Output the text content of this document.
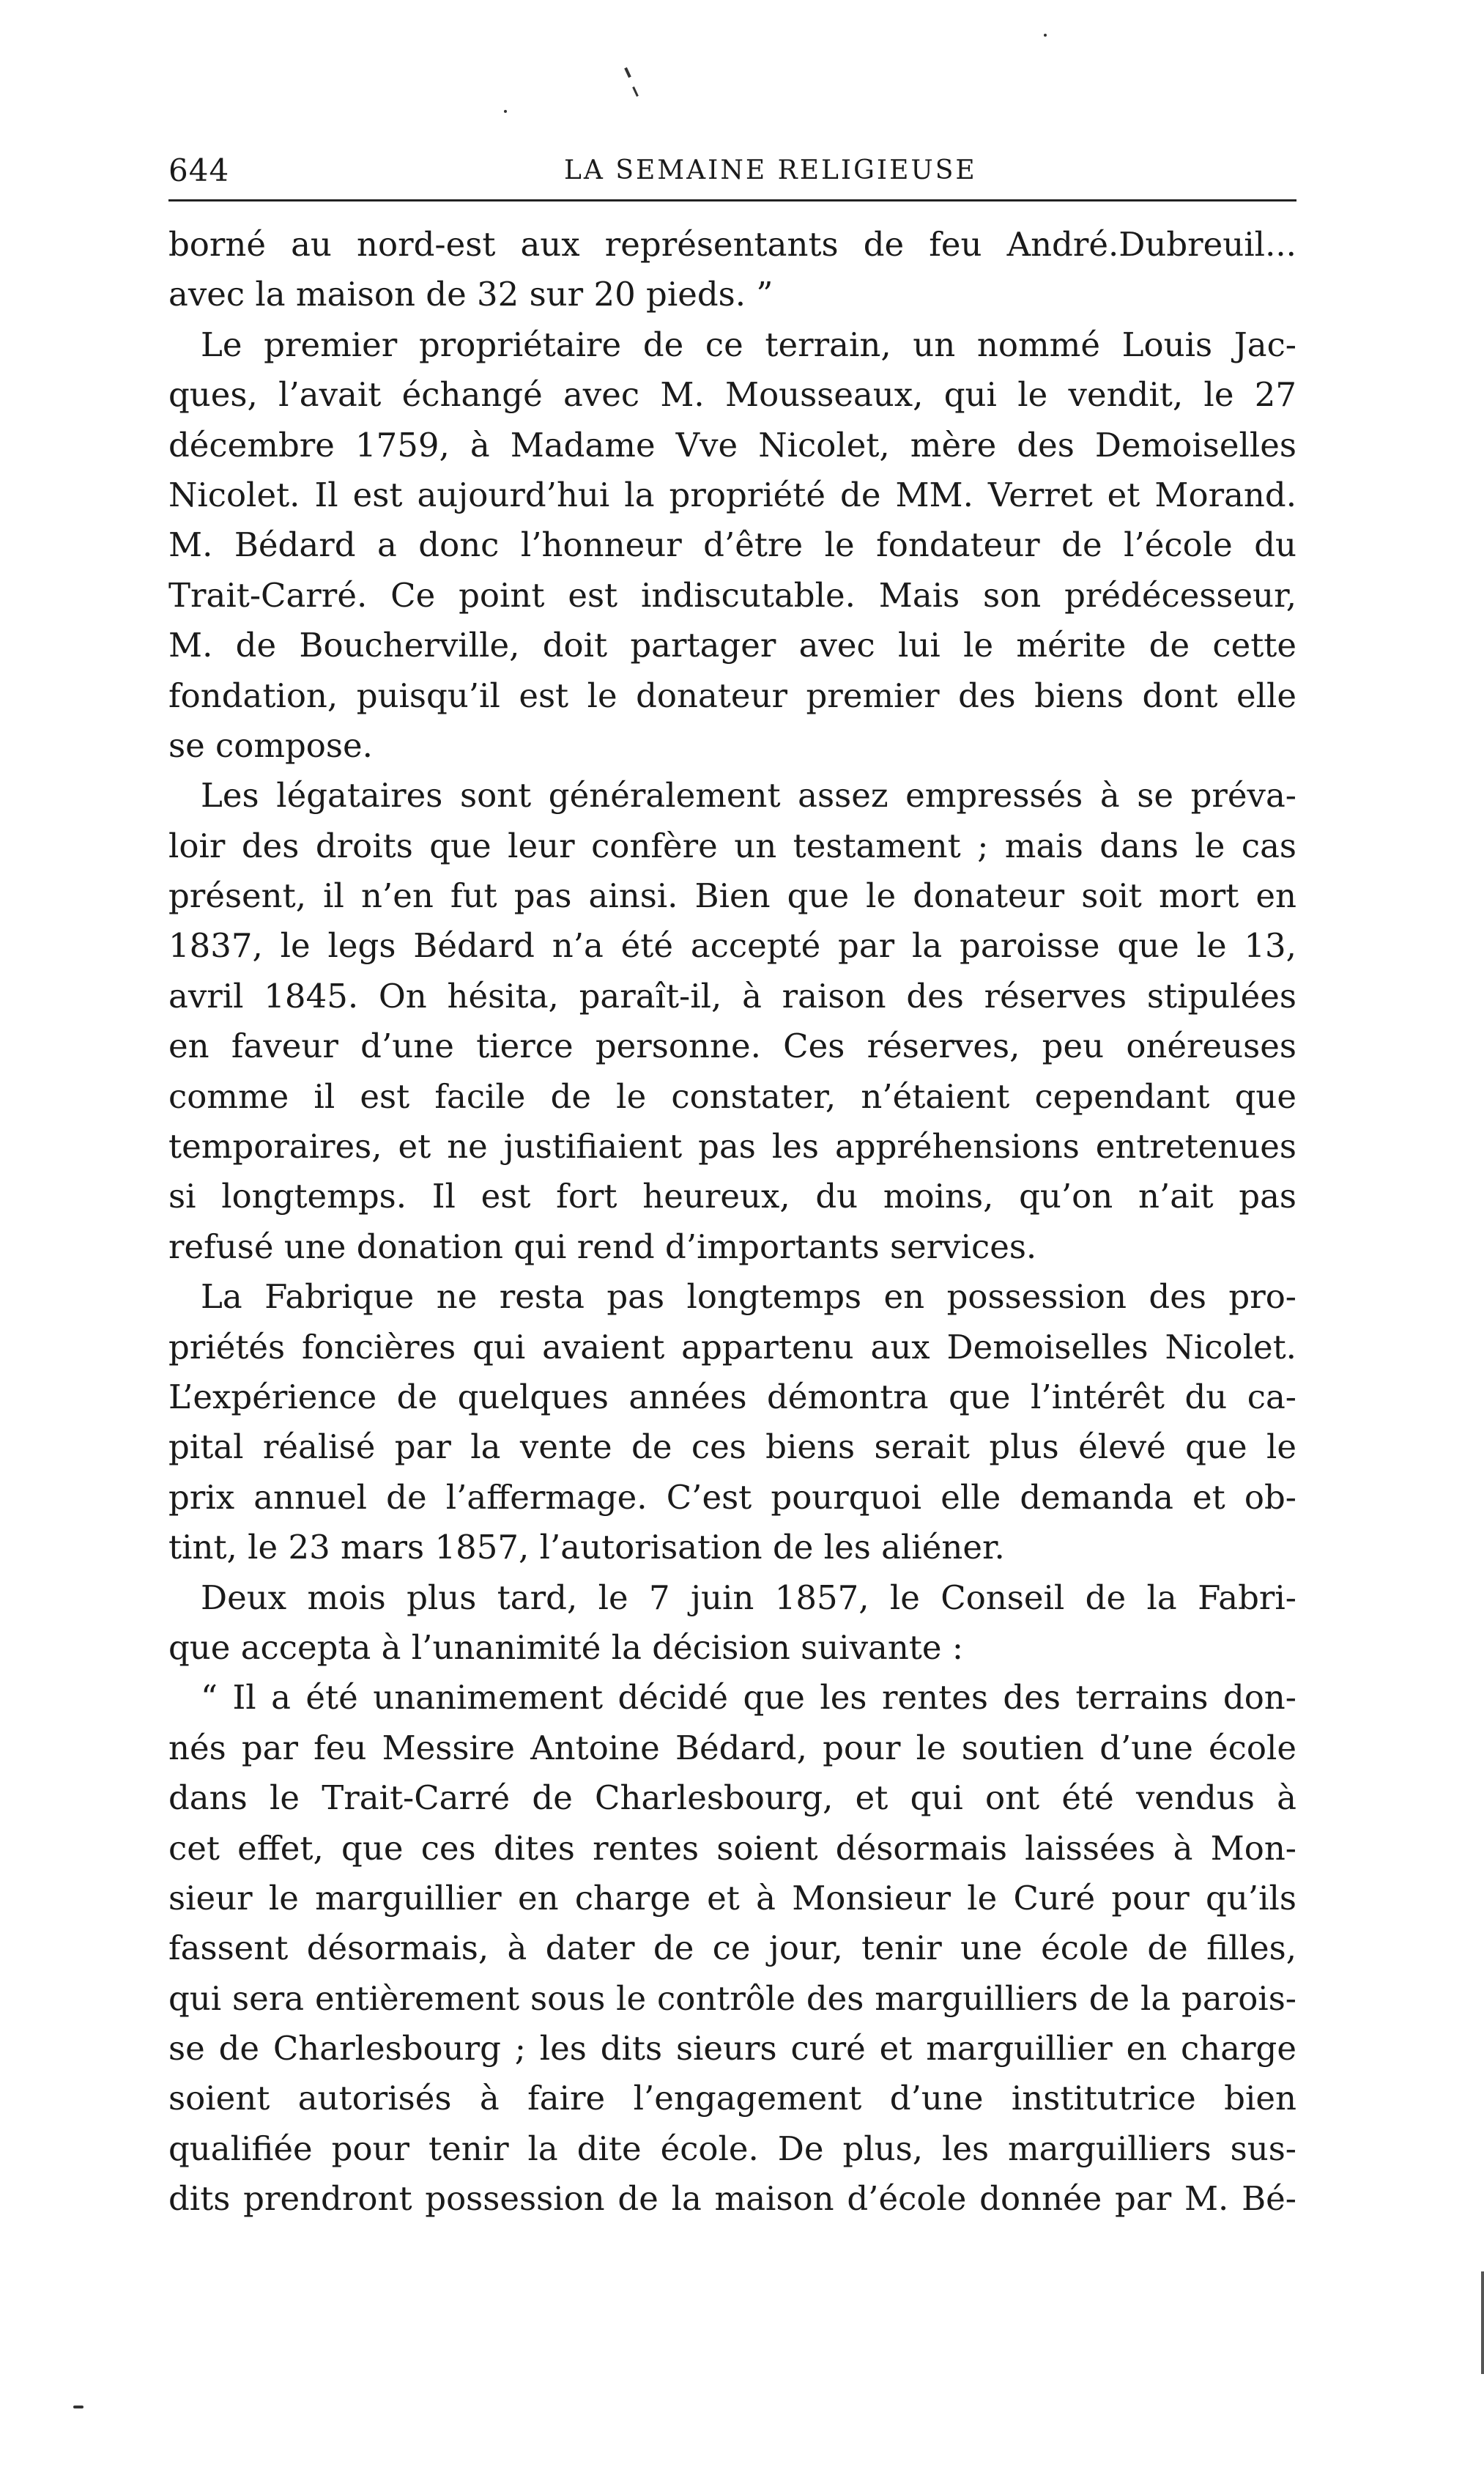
644	LA SEMAINE RELIGIEUSE
borné au nord-est aux représentants de feu André.Dubreuil...
avec la maison de 32 sur 20 pieds. ”
Le premier propriétaire de ce terrain, un nommé Louis Jac-
ques, l’avait échangé avec M. Mousseaux, qui le vendit, le 27
décembre 1759, à Madame Vve Nicolet, mère des Demoiselles
Nicolet. Il est aujourd’hui la propriété de MM. Verret et Morand.
M. Bédard a donc l’honneur d’être le fondateur de l’école du
Trait-Carré. Ce point est indiscutable. Mais son prédécesseur,
M. de Boucherville, doit partager avec lui le mérite de cette
fondation, puisqu’il est le donateur premier des biens dont elle
se compose.
Les légataires sont généralement assez empressés à se préva-
loir des droits que leur confère un testament ; mais dans le cas
présent, il n’en fut pas ainsi. Bien que le donateur soit mort en
1837, le legs Bédard n’a été accepté par la paroisse que le 13,
avril 1845. On hésita, paraît-il, à raison des réserves stipulées
en faveur d’une tierce personne. Ces réserves, peu onéreuses
comme il est facile de le constater, n’étaient cependant que
temporaires, et ne justifiaient pas les appréhensions entretenues
si longtemps. Il est fort heureux, du moins, qu’on n’ait pas
refusé une donation qui rend d’importants services.
La Fabrique ne resta pas longtemps en possession des pro-
priétés foncières qui avaient appartenu aux Demoiselles Nicolet.
L’expérience de quelques années démontra que l’intérêt du ca-
pital réalisé par la vente de ces biens serait plus élevé que le
prix annuel de l’affermage. C’est pourquoi elle demanda et ob-
tint, le 23 mars 1857, l’autorisation de les aliéner.
Deux mois plus tard, le 7 juin 1857, le Conseil de la Fabri-
que accepta à l’unanimité la décision suivante :
“ Il a été unanimement décidé que les rentes des terrains don-
nés par feu Messire Antoine Bédard, pour le soutien d’une école
dans le Trait-Carré de Charlesbourg, et qui ont été vendus à
cet effet, que ces dites rentes soient désormais laissées à Mon-
sieur le marguillier en charge et à Monsieur le Curé pour qu’ils
fassent désormais, à dater de ce jour, tenir une école de filles,
qui sera entièrement sous le contrôle des marguilliers de la parois-
se de Charlesbourg ; les dits sieurs curé et marguillier en charge
soient autorisés à faire l’engagement d’une institutrice bien
qualifiée pour tenir la dite école. De plus, les marguilliers sus-
dits prendront possession de la maison d’école donnée par M. Bé-
